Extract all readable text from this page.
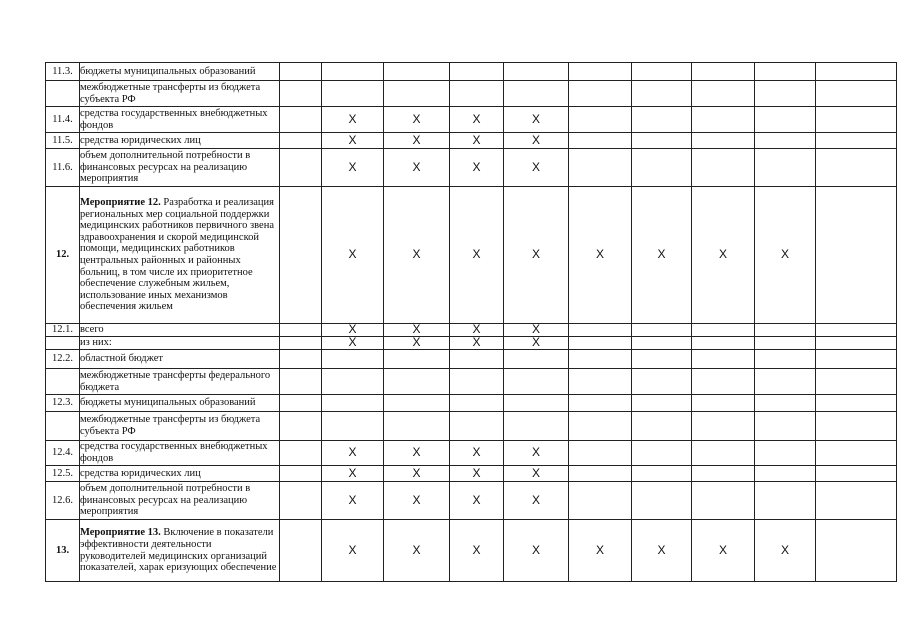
11.3.	бюджеты муниципальных образований										
	межбюджетные трансферты из бюджета субъекта РФ										
11.4.	средства государственных внебюджетных фондов		X	X	X	X					
11.5.	средства юридических лиц		X	X	X	X					
11.6.	объем дополнительной потребности в финансовых ресурсах на реализацию мероприятия		X	X	X	X					
12.	Мероприятие 12. Разработка и реализация региональных мер социальной поддержки медицинских работников первичного звена здравоохранения и скорой медицинской помощи, медицинских работников центральных районных и районных больниц, в том числе их приоритетное обеспечение служебным жильем, использование иных механизмов обеспечения жильем		X	X	X	X	X	X	X	X	
12.1.	всего		X	X	X	X					
	из них:		X	X	X	X					
12.2.	областной бюджет										
	межбюджетные трансферты федерального бюджета										
12.3.	бюджеты муниципальных образований										
	межбюджетные трансферты из бюджета субъекта РФ										
12.4.	средства государственных внебюджетных фондов		X	X	X	X					
12.5.	средства юридических лиц		X	X	X	X					
12.6.	объем дополнительной потребности в финансовых ресурсах на реализацию мероприятия		X	X	X	X					
13.	Мероприятие 13. Включение в показатели эффективности деятельности руководителей медицинских организаций показателей, харак еризующих обеспечение		X	X	X	X	X	X	X	X	
